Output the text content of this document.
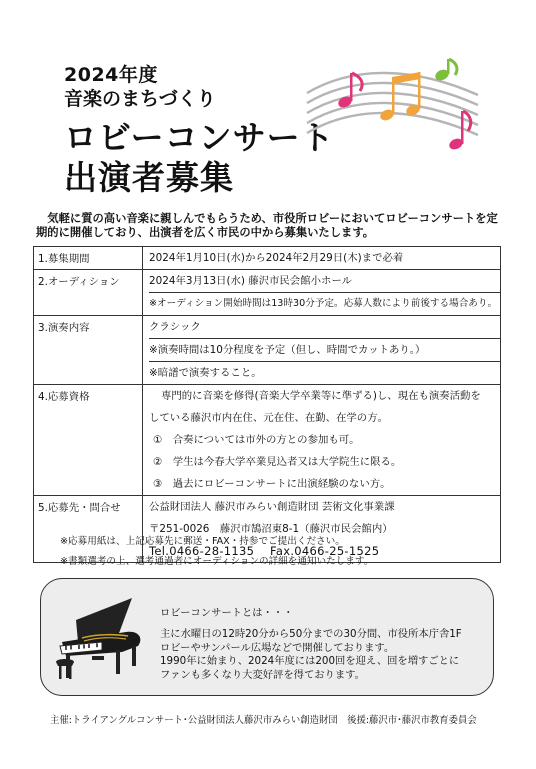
2024年度
音楽のまちづくり
ロビーコンサート
出演者募集
気軽に質の高い音楽に親しんでもらうため、市役所ロビーにおいてロビーコンサートを定期的に開催しており、出演者を広く市民の中から募集いたします。
1.募集期間	2024年1月10日(水)から2024年2月29日(木)まで必着

2.オーディション	2024年3月13日(水) 藤沢市民会館小ホール
※オーディション開始時間は13時30分予定。応募人数により前後する場合あり。

3.演奏内容	クラシック
※演奏時間は10分程度を予定（但し、時間でカットあり。）
※暗譜で演奏すること。

4.応募資格	専門的に音楽を修得(音楽大学卒業等に準ずる)し、現在も演奏活動を
している藤沢市内在住、元在住、在勤、在学の方。
①　合奏については市外の方との参加も可。
②　学生は今春大学卒業見込者又は大学院生に限る。
③　過去にロビーコンサートに出演経験のない方。

5.応募先・問合せ	公益財団法人 藤沢市みらい創造財団 芸術文化事業課
〒251-0026　藤沢市鵠沼東8-1（藤沢市民会館内）
Tel.0466-28-1135　 Fax.0466-25-1525
※応募用紙は、上記応募先に郵送・FAX・持参でご提出ください。
※書類選考の上、選考通過者にオーディションの詳細を通知いたします。
ロビーコンサートとは・・・
主に水曜日の12時20分から50分までの30分間、市役所本庁舎1F
ロビーやサンパール広場などで開催しております。
1990年に始まり、2024年度には200回を迎え、回を増すごとに
ファンも多くなり大変好評を得ております。
主催:トライアングルコンサート･公益財団法人藤沢市みらい創造財団　後援:藤沢市･藤沢市教育委員会
